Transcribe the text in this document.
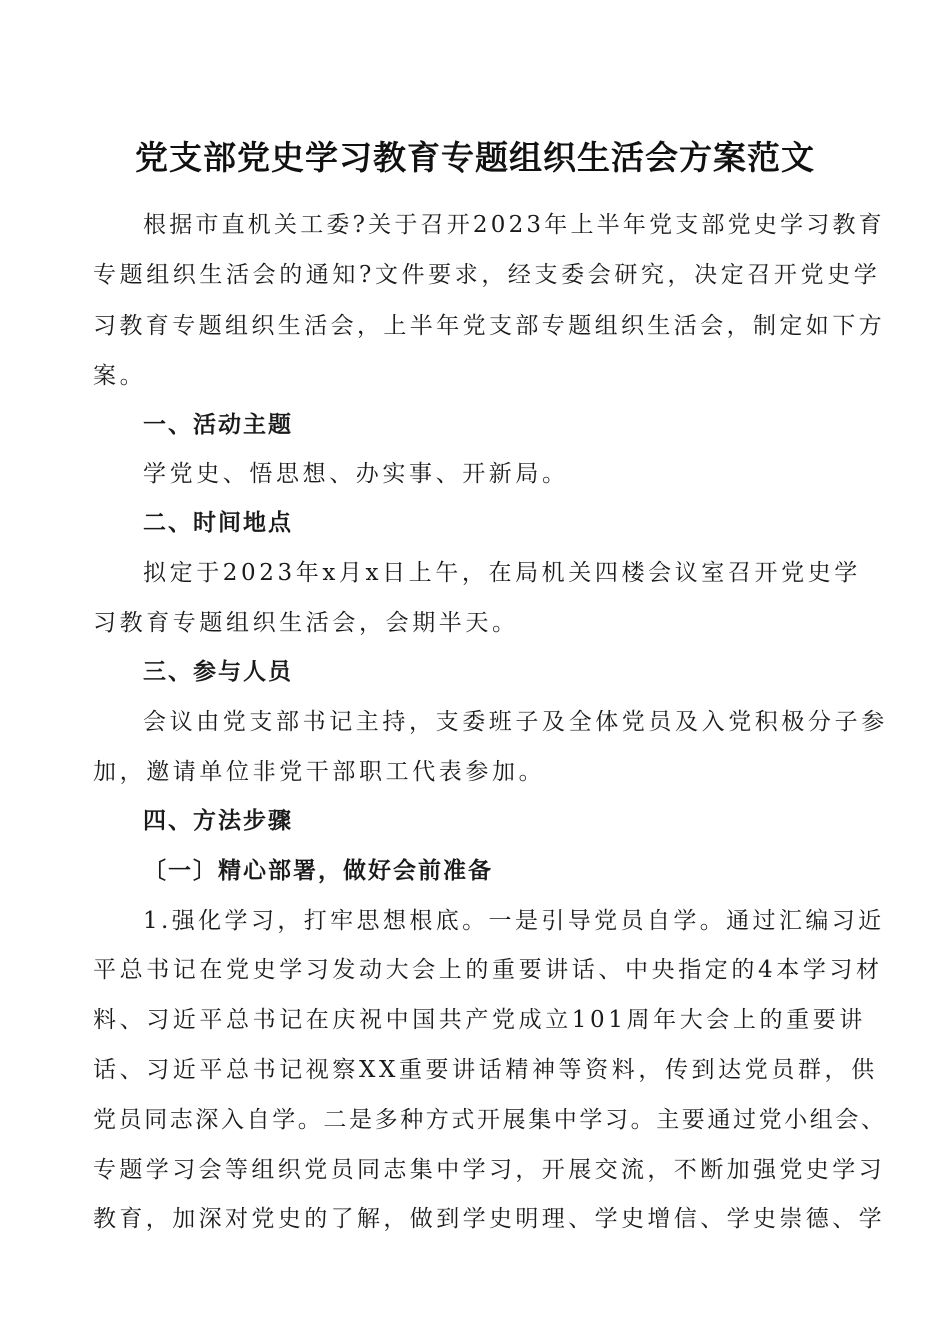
党支部党史学习教育专题组织生活会方案范文
根据市直机关工委?关于召开2023年上半年党支部党史学习教育
专题组织生活会的通知?文件要求，经支委会研究，决定召开党史学
习教育专题组织生活会，上半年党支部专题组织生活会，制定如下方
案。
一、活动主题
学党史、悟思想、办实事、开新局。
二、时间地点
拟定于2023年x月x日上午，在局机关四楼会议室召开党史学
习教育专题组织生活会，会期半天。
三、参与人员
会议由党支部书记主持，支委班子及全体党员及入党积极分子参
加，邀请单位非党干部职工代表参加。
四、方法步骤
〔一〕精心部署，做好会前准备
1.强化学习，打牢思想根底。一是引导党员自学。通过汇编习近
平总书记在党史学习发动大会上的重要讲话、中央指定的4本学习材
料、习近平总书记在庆祝中国共产党成立101周年大会上的重要讲
话、习近平总书记视察XX重要讲话精神等资料，传到达党员群，供
党员同志深入自学。二是多种方式开展集中学习。主要通过党小组会、
专题学习会等组织党员同志集中学习，开展交流，不断加强党史学习
教育，加深对党史的了解，做到学史明理、学史增信、学史崇德、学
